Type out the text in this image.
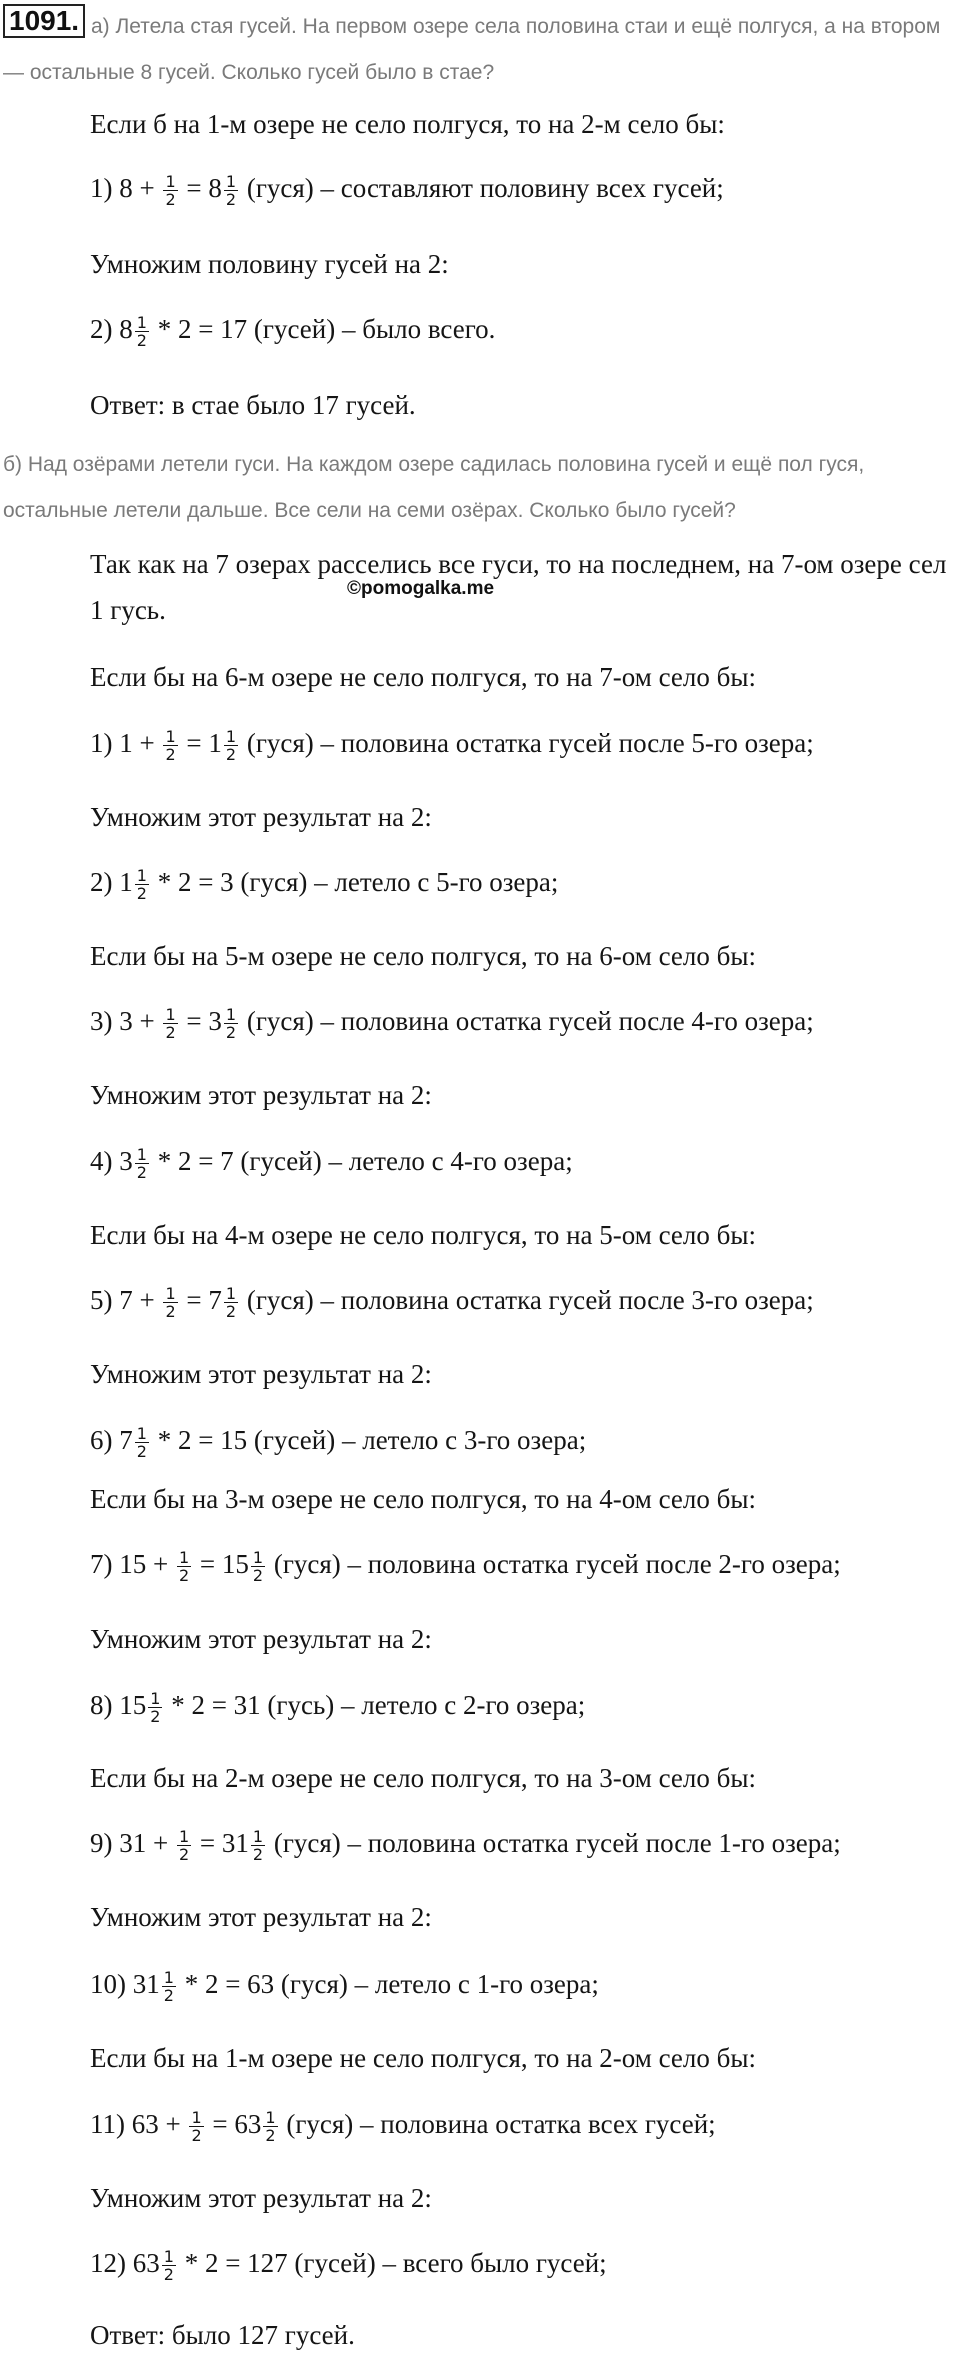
1091. а) Летела стая гусей. На первом озере села половина стаи и ещё полгуся, а на втором — остальные 8 гусей. Сколько гусей было в стае?

Если б на 1-м озере не село полгуся, то на 2-м село бы:

1) $8 + \frac{1}{2} = 8 \frac{1}{2}$ (гуся) – составляют половину всех гусей;

Умножим половину гусей на 2:

2) $8 \frac{1}{2} * 2 = 17$ (гусей) – было всего.

Ответ: в стае было 17 гусей.

б) Над озёрами летели гуси. На каждом озере садилась половина гусей и ещё пол гуся, остальные летели дальше. Все сели на семи озёрах. Сколько было гусей?

Так как на 7 озерах расселись все гуси, то на последнем, на 7-ом озере сел 1 гусь.

©pomogalka.me

Если бы на 6-м озере не село полгуся, то на 7-ом село бы:

1) $1 + \frac{1}{2} = 1 \frac{1}{2}$ (гуся) – половина остатка гусей после 5-го озера;

Умножим этот результат на 2:

2) $1 \frac{1}{2} * 2 = 3$ (гуся) – летело с 5-го озера;

Если бы на 5-м озере не село полгуся, то на 6-ом село бы:

3) $3 + \frac{1}{2} = 3 \frac{1}{2}$ (гуся) – половина остатка гусей после 4-го озера;

Умножим этот результат на 2:

4) $3 \frac{1}{2} * 2 = 7$ (гусей) – летело с 4-го озера;

Если бы на 4-м озере не село полгуся, то на 5-ом село бы:

5) $7 + \frac{1}{2} = 7 \frac{1}{2}$ (гуся) – половина остатка гусей после 3-го озера;

Умножим этот результат на 2:

6) $7 \frac{1}{2} * 2 = 15$ (гусей) – летело с 3-го озера;

Если бы на 3-м озере не село полгуся, то на 4-ом село бы:

7) $15 + \frac{1}{2} = 15 \frac{1}{2}$ (гуся) – половина остатка гусей после 2-го озера;

Умножим этот результат на 2:

8) $15 \frac{1}{2} * 2 = 31$ (гусь) – летело с 2-го озера;

Если бы на 2-м озере не село полгуся, то на 3-ом село бы:

9) $31 + \frac{1}{2} = 31 \frac{1}{2}$ (гуся) – половина остатка гусей после 1-го озера;

Умножим этот результат на 2:

10) $31 \frac{1}{2} * 2 = 63$ (гуся) – летело с 1-го озера;

Если бы на 1-м озере не село полгуся, то на 2-ом село бы:

11) $63 + \frac{1}{2} = 63 \frac{1}{2}$ (гуся) – половина остатка всех гусей;

Умножим этот результат на 2:

12) $63 \frac{1}{2} * 2 = 127$ (гусей) – всего было гусей;

Ответ: было 127 гусей.
